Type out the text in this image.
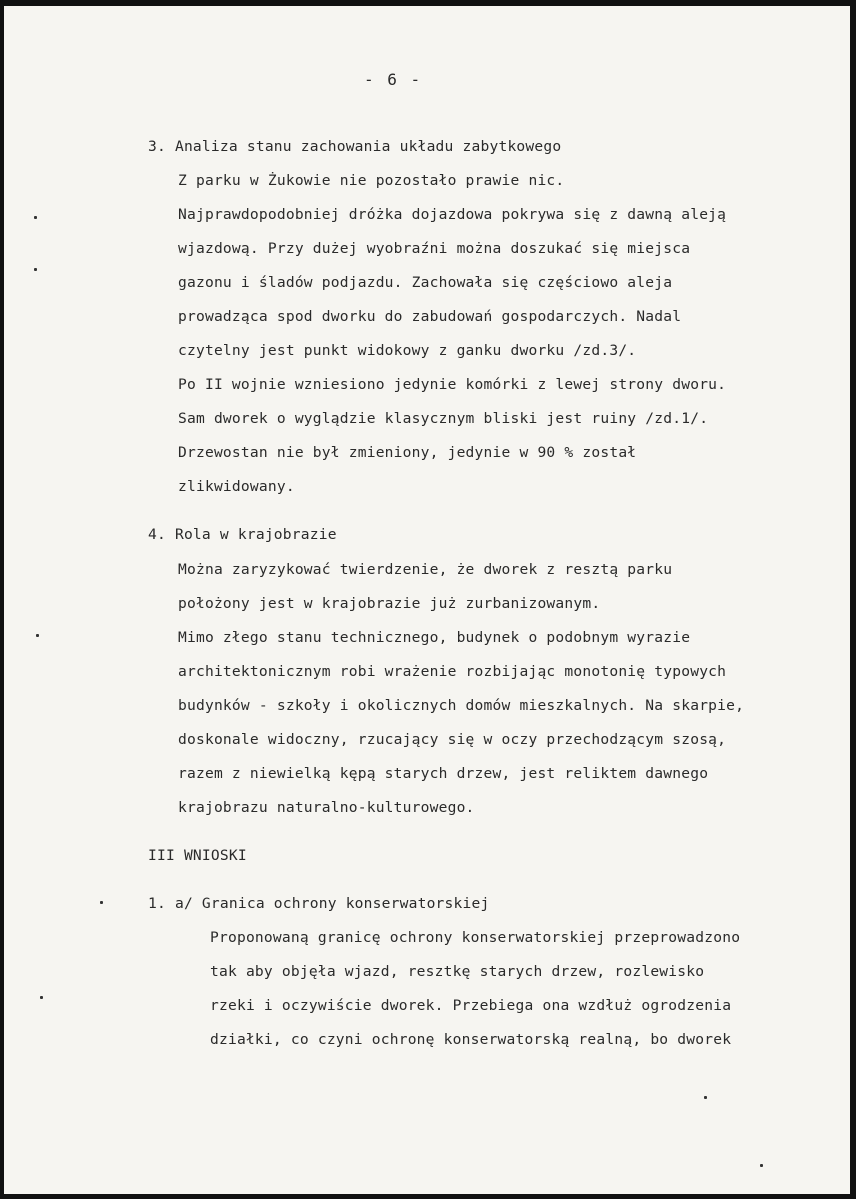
- 6 -
3. Analiza stanu zachowania układu zabytkowego
Z parku w Żukowie nie pozostało prawie nic.
Najprawdopodobniej dróżka dojazdowa pokrywa się z dawną aleją
wjazdową. Przy dużej wyobraźni można doszukać się miejsca
gazonu i śladów podjazdu. Zachowała się częściowo aleja
prowadząca spod dworku do zabudowań gospodarczych. Nadal
czytelny jest punkt widokowy z ganku dworku /zd.3/.
Po II wojnie wzniesiono jedynie komórki z lewej strony dworu.
Sam dworek o wyglądzie klasycznym bliski jest ruiny /zd.1/.
Drzewostan nie był zmieniony, jedynie w 90 % został
zlikwidowany.
4. Rola w krajobrazie
Można zaryzykować twierdzenie, że dworek z resztą parku
położony jest w krajobrazie już zurbanizowanym.
Mimo złego stanu technicznego, budynek o podobnym wyrazie
architektonicznym robi wrażenie rozbijając monotonię typowych
budynków - szkoły i okolicznych domów mieszkalnych. Na skarpie,
doskonale widoczny, rzucający się w oczy przechodzącym szosą,
razem z niewielką kępą starych drzew, jest reliktem dawnego
krajobrazu naturalno-kulturowego.
III WNIOSKI
1. a/ Granica ochrony konserwatorskiej
Proponowaną granicę ochrony konserwatorskiej przeprowadzono
tak aby objęła wjazd, resztkę starych drzew, rozlewisko
rzeki i oczywiście dworek. Przebiega ona wzdłuż ogrodzenia
działki, co czyni ochronę konserwatorską realną, bo dworek
